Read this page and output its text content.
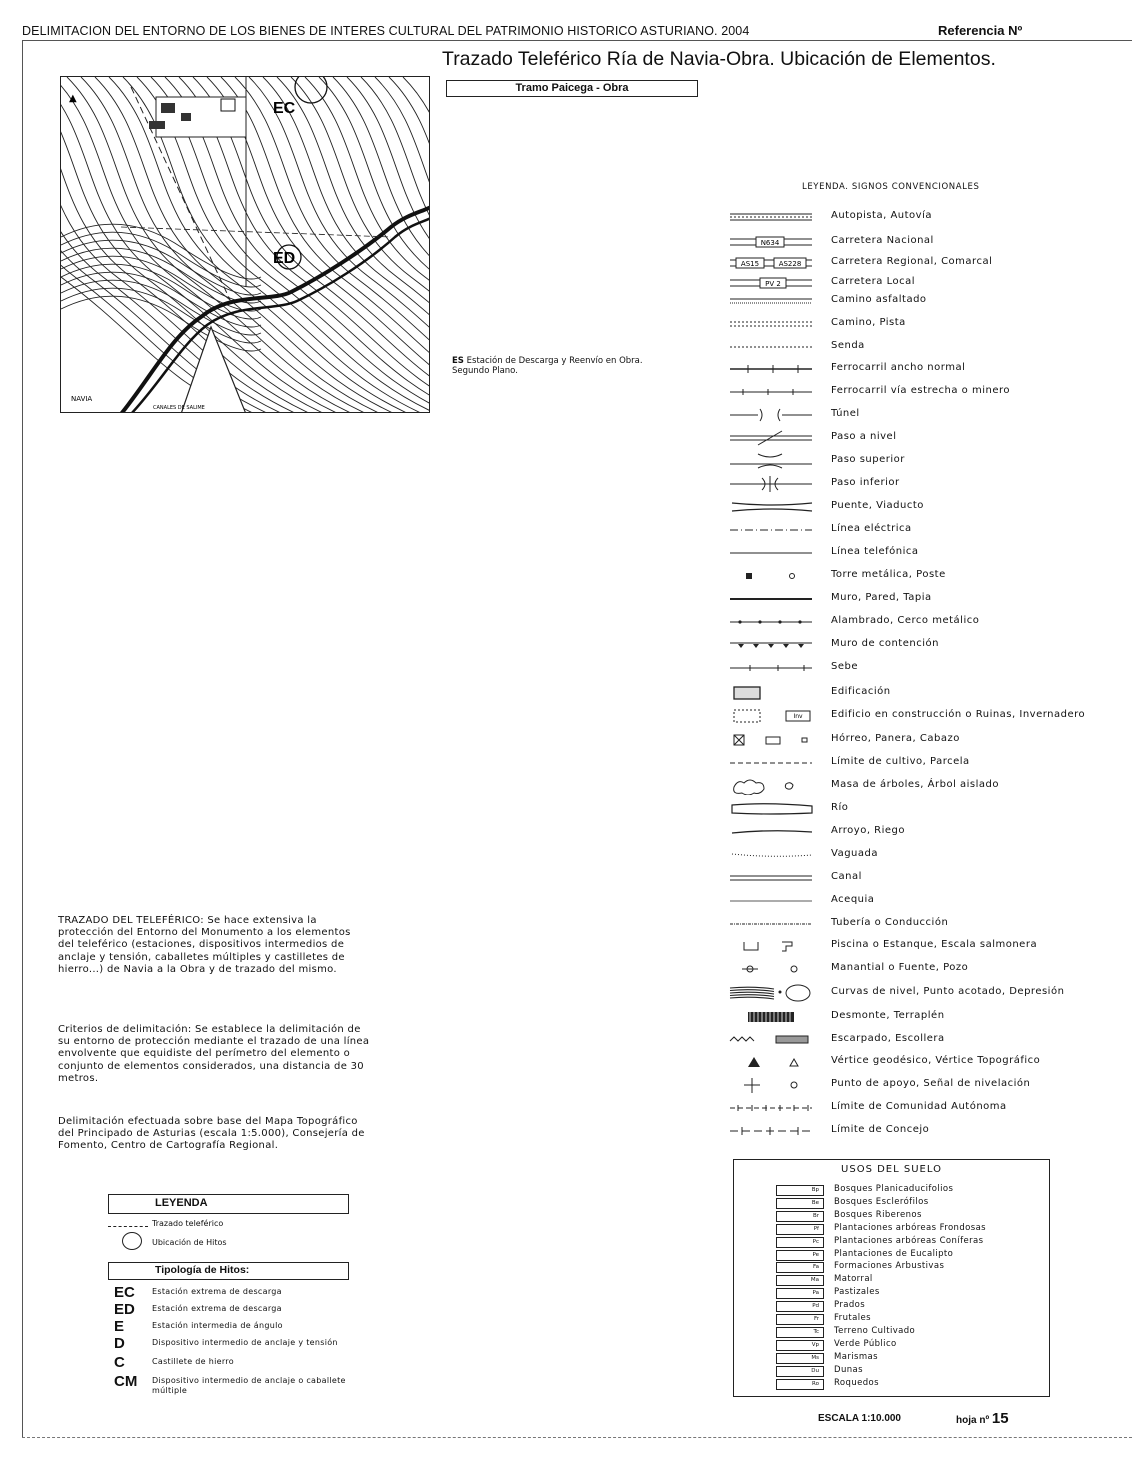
DELIMITACION DEL ENTORNO DE LOS BIENES DE INTERES CULTURAL DEL PATRIMONIO HISTORICO ASTURIANO. 2004	Referencia Nº
Trazado Teleférico Ría de Navia-Obra. Ubicación de Elementos.
Tramo Paicega - Obra
EC
ED
NAVIA
CANALES DE SALIME
▲
ES Estación de Descarga y Reenvío en Obra. Segundo Plano.
LEYENDA. SIGNOS CONVENCIONALES
Autopista, Autovía
N634	Carretera Nacional
AS15	AS228	Carretera Regional, Comarcal
PV 2	Carretera Local
Camino asfaltado
Camino, Pista
Senda
Ferrocarril ancho normal
Ferrocarril vía estrecha o minero
Túnel
Paso a nivel
Paso superior
Paso inferior
Puente, Viaducto
Línea eléctrica
Línea telefónica
Torre metálica, Poste
Muro, Pared, Tapia
Alambrado, Cerco metálico
Muro de contención
Sebe
Edificación
Inv	Edificio en construcción o Ruinas, Invernadero
Hórreo, Panera, Cabazo
Límite de cultivo, Parcela
Masa de árboles, Árbol aislado
Río
Arroyo, Riego
Vaguada
Canal
Acequia
Tubería o Conducción
Piscina o Estanque, Escala salmonera
Manantial o Fuente, Pozo
Curvas de nivel, Punto acotado, Depresión
Desmonte, Terraplén
Escarpado, Escollera
Vértice geodésico, Vértice Topográfico
Punto de apoyo, Señal de nivelación
Límite de Comunidad Autónoma
Límite de Concejo
USOS DEL SUELO
Bp	Bosques Planicaducifolios
Be	Bosques Esclerófilos
Br	Bosques Riberenos
Pf	Plantaciones arbóreas Frondosas
Pc	Plantaciones arbóreas Coníferas
Pe	Plantaciones de Eucalipto
Fa	Formaciones Arbustivas
Ma	Matorral
Pa	Pastizales
Pd	Prados
Fr	Frutales
Tc	Terreno Cultivado
Vp	Verde Público
Ms	Marismas
Du	Dunas
Ro	Roquedos
ESCALA 1:10.000	hoja nº 15
TRAZADO DEL TELEFÉRICO: Se hace extensiva la protección del Entorno del Monumento a los elementos del teleférico (estaciones, dispositivos intermedios de anclaje y tensión, caballetes múltiples y castilletes de hierro...) de Navia a la Obra y de trazado del mismo.
Criterios de delimitación: Se establece la delimitación de su entorno de protección mediante el trazado de una línea envolvente que equidiste del perímetro del elemento o conjunto de elementos considerados, una distancia de 30 metros.
Delimitación efectuada sobre base del Mapa Topográfico del Principado de Asturias (escala 1:5.000), Consejería de Fomento, Centro de Cartografía Regional.
LEYENDA
Trazado teleférico
Ubicación de Hitos
Tipología de Hitos:
EC Estación extrema de descarga
ED Estación extrema de descarga
E	Estación intermedia de ángulo
D	Dispositivo intermedio de anclaje y tensión
C	Castillete de hierro
CM Dispositivo intermedio de anclaje o caballete múltiple
